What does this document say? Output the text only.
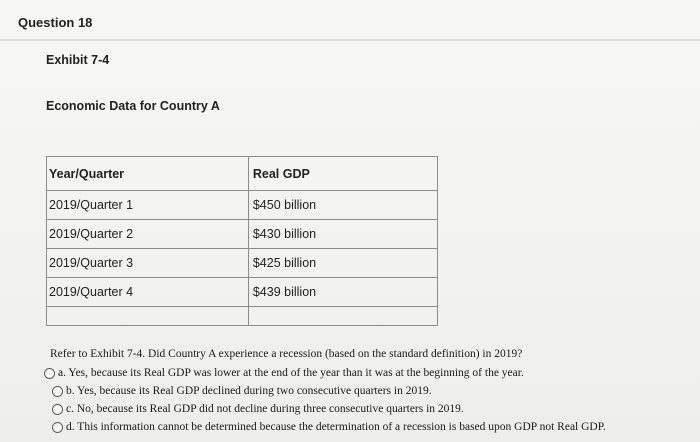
Question 18
Exhibit 7-4
Economic Data for Country A
Year/Quarter	Real GDP
2019/Quarter 1	$450 billion
2019/Quarter 2	$430 billion
2019/Quarter 3	$425 billion
2019/Quarter 4	$439 billion

Refer to Exhibit 7-4. Did Country A experience a recession (based on the standard definition) in 2019?
a. Yes, because its Real GDP was lower at the end of the year than it was at the beginning of the year.
b. Yes, because its Real GDP declined during two consecutive quarters in 2019.
c. No, because its Real GDP did not decline during three consecutive quarters in 2019.
d. This information cannot be determined because the determination of a recession is based upon GDP not Real GDP.
